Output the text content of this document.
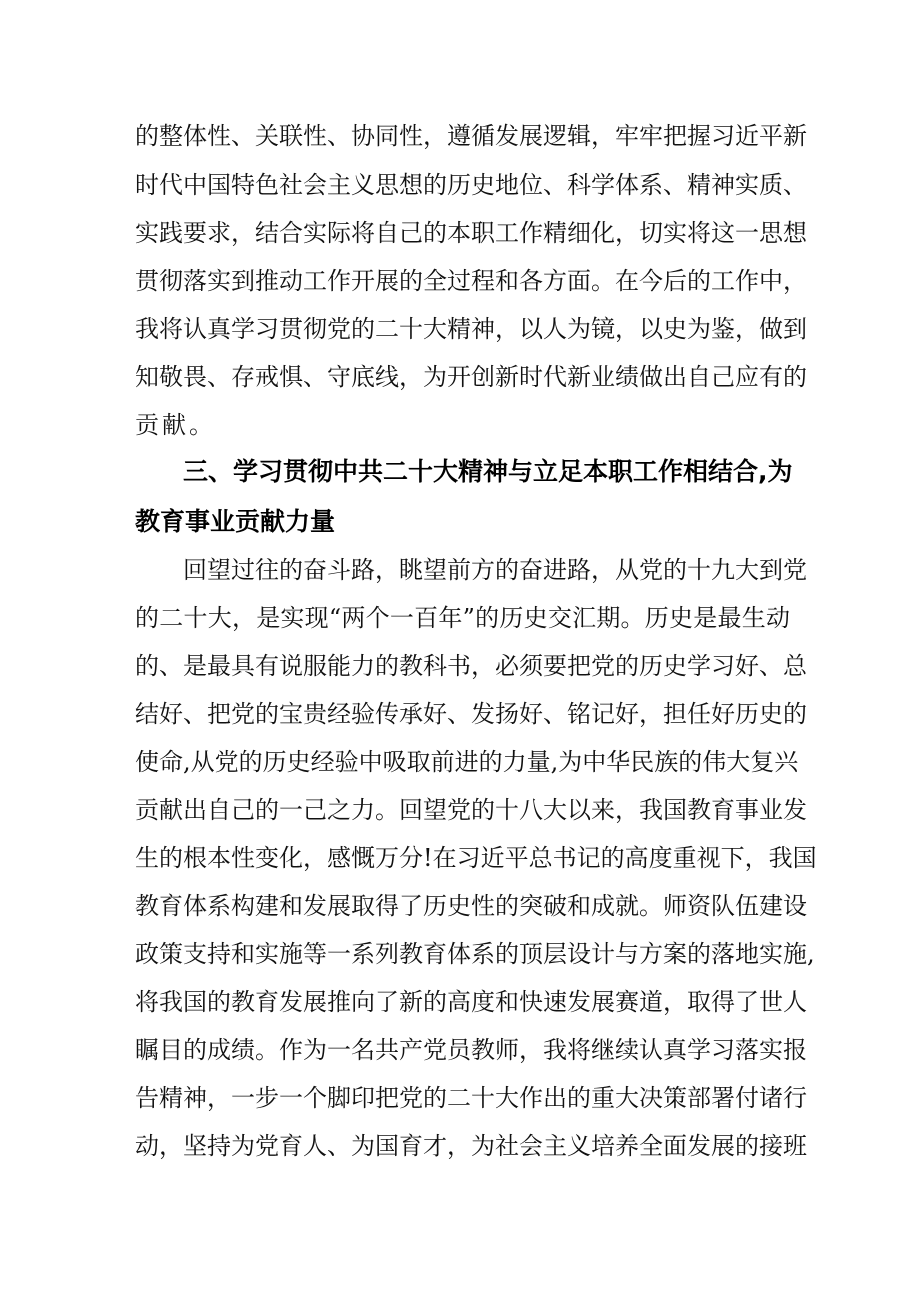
的整体性、关联性、协同性，遵循发展逻辑，牢牢把握习近平新
时代中国特色社会主义思想的历史地位、科学体系、精神实质、
实践要求，结合实际将自己的本职工作精细化，切实将这一思想
贯彻落实到推动工作开展的全过程和各方面。在今后的工作中，
我将认真学习贯彻党的二十大精神，以人为镜，以史为鉴，做到
知敬畏、存戒惧、守底线，为开创新时代新业绩做出自己应有的
贡献。
三、学习贯彻中共二十大精神与立足本职工作相结合,为
教育事业贡献力量
回望过往的奋斗路，眺望前方的奋进路，从党的十九大到党
的二十大，是实现“两个一百年”的历史交汇期。历史是最生动
的、是最具有说服能力的教科书，必须要把党的历史学习好、总
结好、把党的宝贵经验传承好、发扬好、铭记好，担任好历史的
使命,从党的历史经验中吸取前进的力量,为中华民族的伟大复兴
贡献出自己的一己之力。回望党的十八大以来，我国教育事业发
生的根本性变化，感慨万分!在习近平总书记的高度重视下，我国
教育体系构建和发展取得了历史性的突破和成就。师资队伍建设
政策支持和实施等一系列教育体系的顶层设计与方案的落地实施,
将我国的教育发展推向了新的高度和快速发展赛道，取得了世人
瞩目的成绩。作为一名共产党员教师，我将继续认真学习落实报
告精神，一步一个脚印把党的二十大作出的重大决策部署付诸行
动，坚持为党育人、为国育才，为社会主义培养全面发展的接班
